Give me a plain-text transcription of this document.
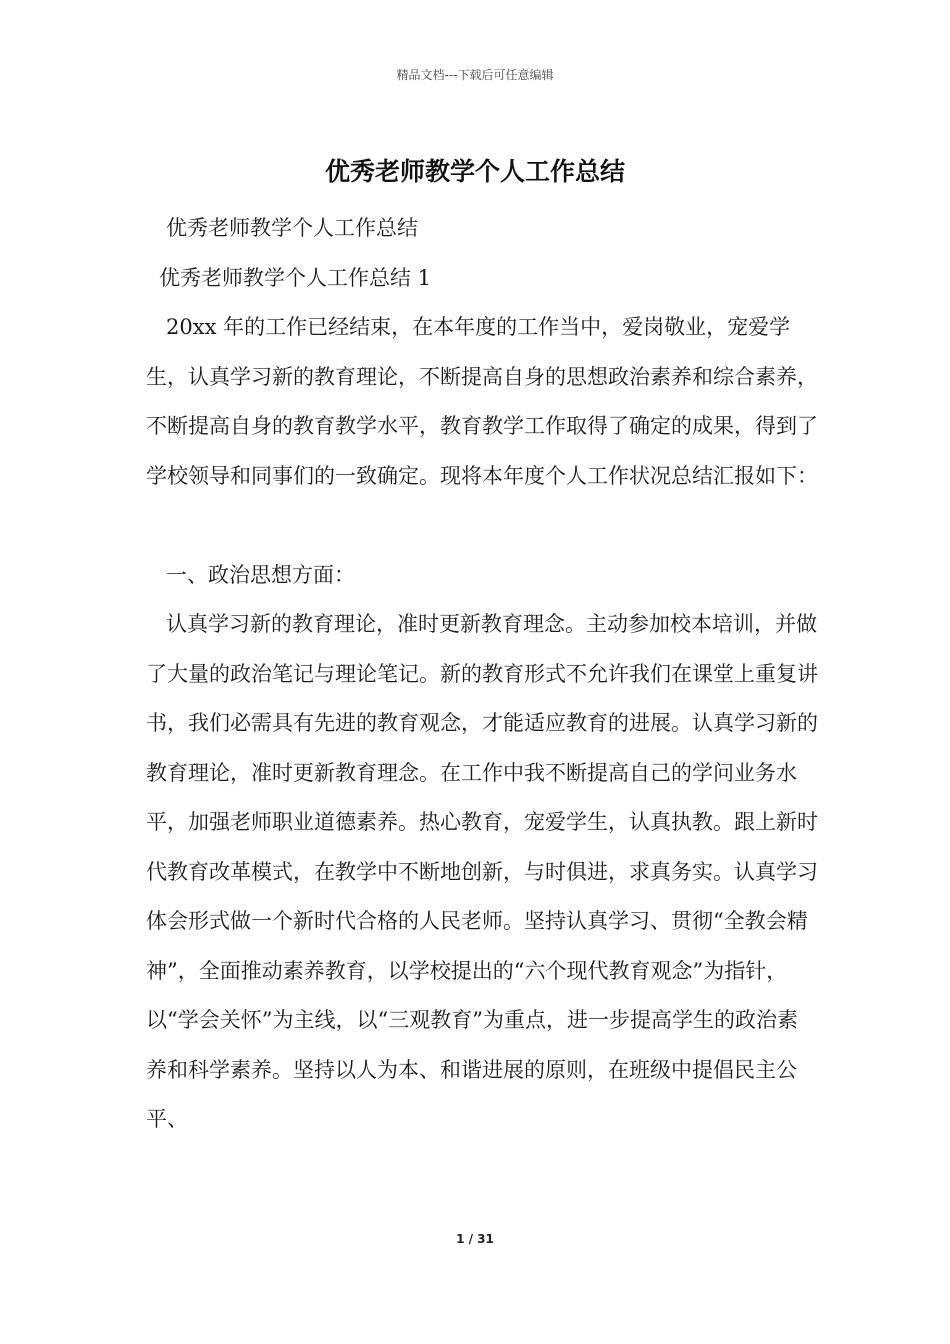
精品文档---下载后可任意编辑
优秀老师教学个人工作总结

优秀老师教学个人工作总结

优秀老师教学个人工作总结 1

20xx 年的工作已经结束，在本年度的工作当中，爱岗敬业，宠爱学生，认真学习新的教育理论，不断提高自身的思想政治素养和综合素养，不断提高自身的教育教学水平，教育教学工作取得了确定的成果，得到了学校领导和同事们的一致确定。现将本年度个人工作状况总结汇报如下：

一、政治思想方面：

认真学习新的教育理论，准时更新教育理念。主动参加校本培训，并做了大量的政治笔记与理论笔记。新的教育形式不允许我们在课堂上重复讲书，我们必需具有先进的教育观念，才能适应教育的进展。认真学习新的教育理论，准时更新教育理念。在工作中我不断提高自己的学问业务水平，加强老师职业道德素养。热心教育，宠爱学生，认真执教。跟上新时代教育改革模式，在教学中不断地创新，与时俱进，求真务实。认真学习体会形式做一个新时代合格的人民老师。坚持认真学习、贯彻“全教会精神”，全面推动素养教育，以学校提出的“六个现代教育观念”为指针，以“学会关怀”为主线，以“三观教育”为重点，进一步提高学生的政治素养和科学素养。坚持以人为本、和谐进展的原则，在班级中提倡民主公平、

1 / 31
